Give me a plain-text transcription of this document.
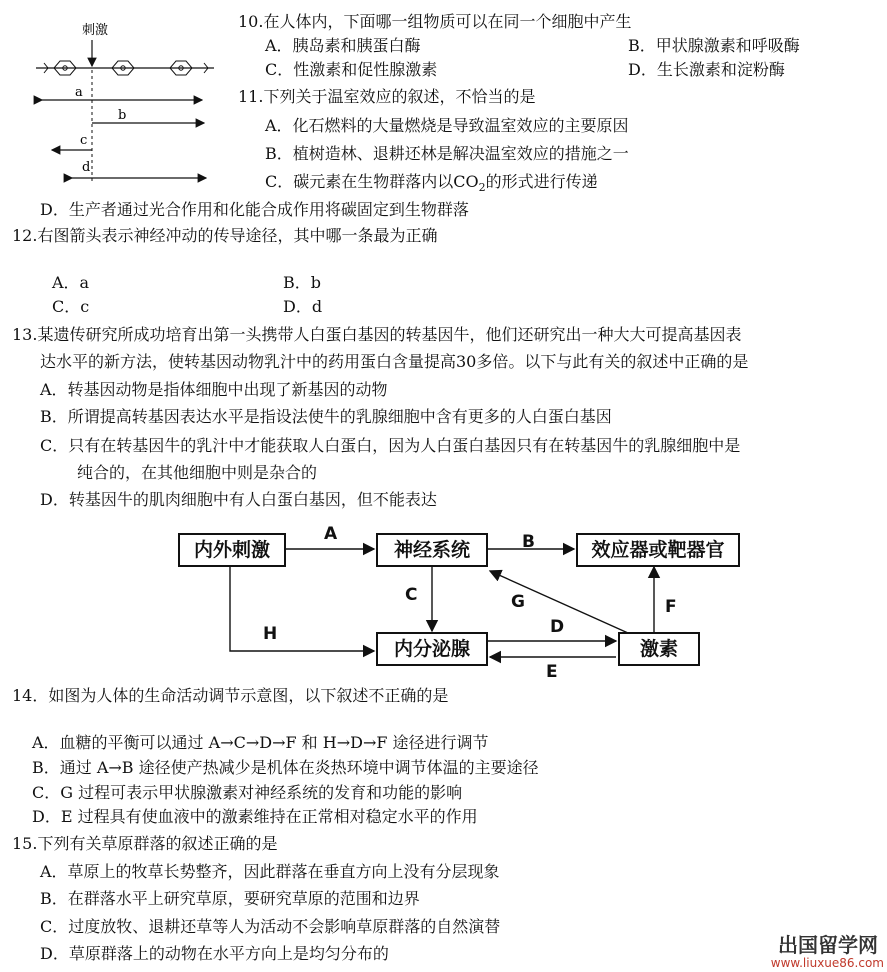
刺激
a
b
c
d
10.在人体内，下面哪一组物质可以在同一个细胞中产生
A．胰岛素和胰蛋白酶	B．甲状腺激素和呼吸酶
C．性激素和促性腺激素	D．生长激素和淀粉酶
11.下列关于温室效应的叙述，不恰当的是
A．化石燃料的大量燃烧是导致温室效应的主要原因
B．植树造林、退耕还林是解决温室效应的措施之一
C．碳元素在生物群落内以$CO_2$的形式进行传递
D．生产者通过光合作用和化能合成作用将碳固定到生物群落
12.右图箭头表示神经冲动的传导途径，其中哪一条最为正确
A．a	B．b
C．c	D．d
13.某遗传研究所成功培育出第一头携带人白蛋白基因的转基因牛，他们还研究出一种大大可提高基因表
达水平的新方法，使转基因动物乳汁中的药用蛋白含量提高30多倍。以下与此有关的叙述中正确的是
A．转基因动物是指体细胞中出现了新基因的动物
B．所谓提高转基因表达水平是指设法使牛的乳腺细胞中含有更多的人白蛋白基因
C．只有在转基因牛的乳汁中才能获取人白蛋白，因为人白蛋白基因只有在转基因牛的乳腺细胞中是
纯合的，在其他细胞中则是杂合的
D．转基因牛的肌肉细胞中有人白蛋白基因，但不能表达
内外刺激	神经系统	效应器或靶器官
内分泌腺	激素
A	B
C	G	F
H	D
E
14．如图为人体的生命活动调节示意图，以下叙述不正确的是
A．血糖的平衡可以通过 A→C→D→F 和 H→D→F 途径进行调节
B．通过 A→B 途径使产热减少是机体在炎热环境中调节体温的主要途径
C．G 过程可表示甲状腺激素对神经系统的发育和功能的影响
D．E 过程具有使血液中的激素维持在正常相对稳定水平的作用
15.下列有关草原群落的叙述正确的是
A．草原上的牧草长势整齐，因此群落在垂直方向上没有分层现象
B．在群落水平上研究草原，要研究草原的范围和边界
C．过度放牧、退耕还草等人为活动不会影响草原群落的自然演替
D．草原群落上的动物在水平方向上是均匀分布的	出国留学网
www.liuxue86.com
